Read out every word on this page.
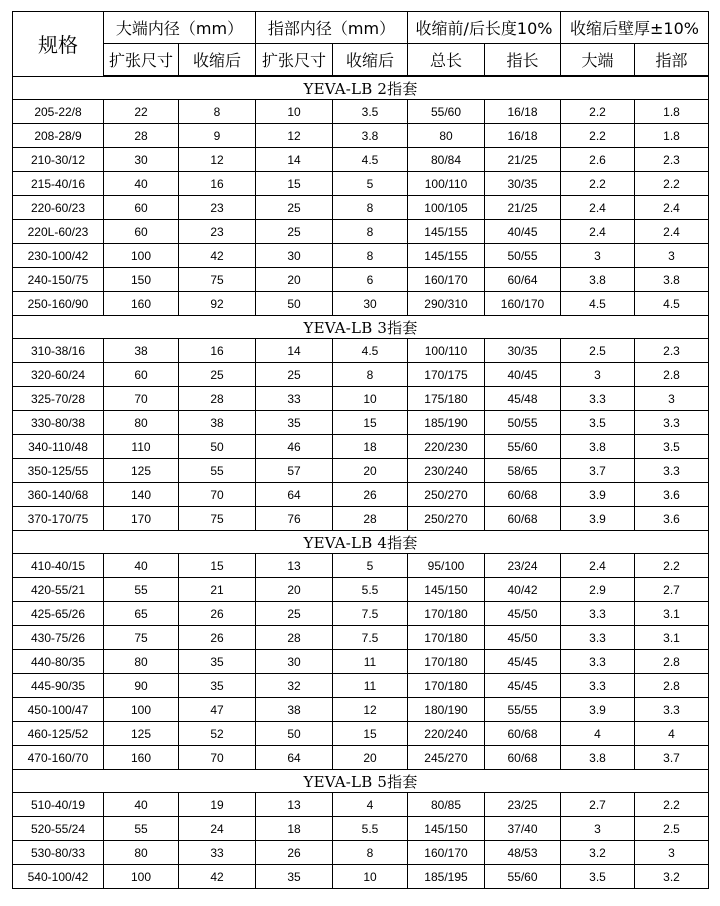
规格	大端内径（mm）		指部内径（mm）		收缩前/后长度10%		收缩后壁厚±10%	
	扩张尺寸	收缩后	扩张尺寸	收缩后	总长	指长	大端	指部
YEVA-LB 2指套								
205-22/8	22	8	10	3.5	55/60	16/18	2.2	1.8
208-28/9	28	9	12	3.8	80	16/18	2.2	1.8
210-30/12	30	12	14	4.5	80/84	21/25	2.6	2.3
215-40/16	40	16	15	5	100/110	30/35	2.2	2.2
220-60/23	60	23	25	8	100/105	21/25	2.4	2.4
220L-60/23	60	23	25	8	145/155	40/45	2.4	2.4
230-100/42	100	42	30	8	145/155	50/55	3	3
240-150/75	150	75	20	6	160/170	60/64	3.8	3.8
250-160/90	160	92	50	30	290/310	160/170	4.5	4.5
YEVA-LB 3指套								
310-38/16	38	16	14	4.5	100/110	30/35	2.5	2.3
320-60/24	60	25	25	8	170/175	40/45	3	2.8
325-70/28	70	28	33	10	175/180	45/48	3.3	3
330-80/38	80	38	35	15	185/190	50/55	3.5	3.3
340-110/48	110	50	46	18	220/230	55/60	3.8	3.5
350-125/55	125	55	57	20	230/240	58/65	3.7	3.3
360-140/68	140	70	64	26	250/270	60/68	3.9	3.6
370-170/75	170	75	76	28	250/270	60/68	3.9	3.6
YEVA-LB 4指套								
410-40/15	40	15	13	5	95/100	23/24	2.4	2.2
420-55/21	55	21	20	5.5	145/150	40/42	2.9	2.7
425-65/26	65	26	25	7.5	170/180	45/50	3.3	3.1
430-75/26	75	26	28	7.5	170/180	45/50	3.3	3.1
440-80/35	80	35	30	11	170/180	45/45	3.3	2.8
445-90/35	90	35	32	11	170/180	45/45	3.3	2.8
450-100/47	100	47	38	12	180/190	55/55	3.9	3.3
460-125/52	125	52	50	15	220/240	60/68	4	4
470-160/70	160	70	64	20	245/270	60/68	3.8	3.7
YEVA-LB 5指套								
510-40/19	40	19	13	4	80/85	23/25	2.7	2.2
520-55/24	55	24	18	5.5	145/150	37/40	3	2.5
530-80/33	80	33	26	8	160/170	48/53	3.2	3
540-100/42	100	42	35	10	185/195	55/60	3.5	3.2
